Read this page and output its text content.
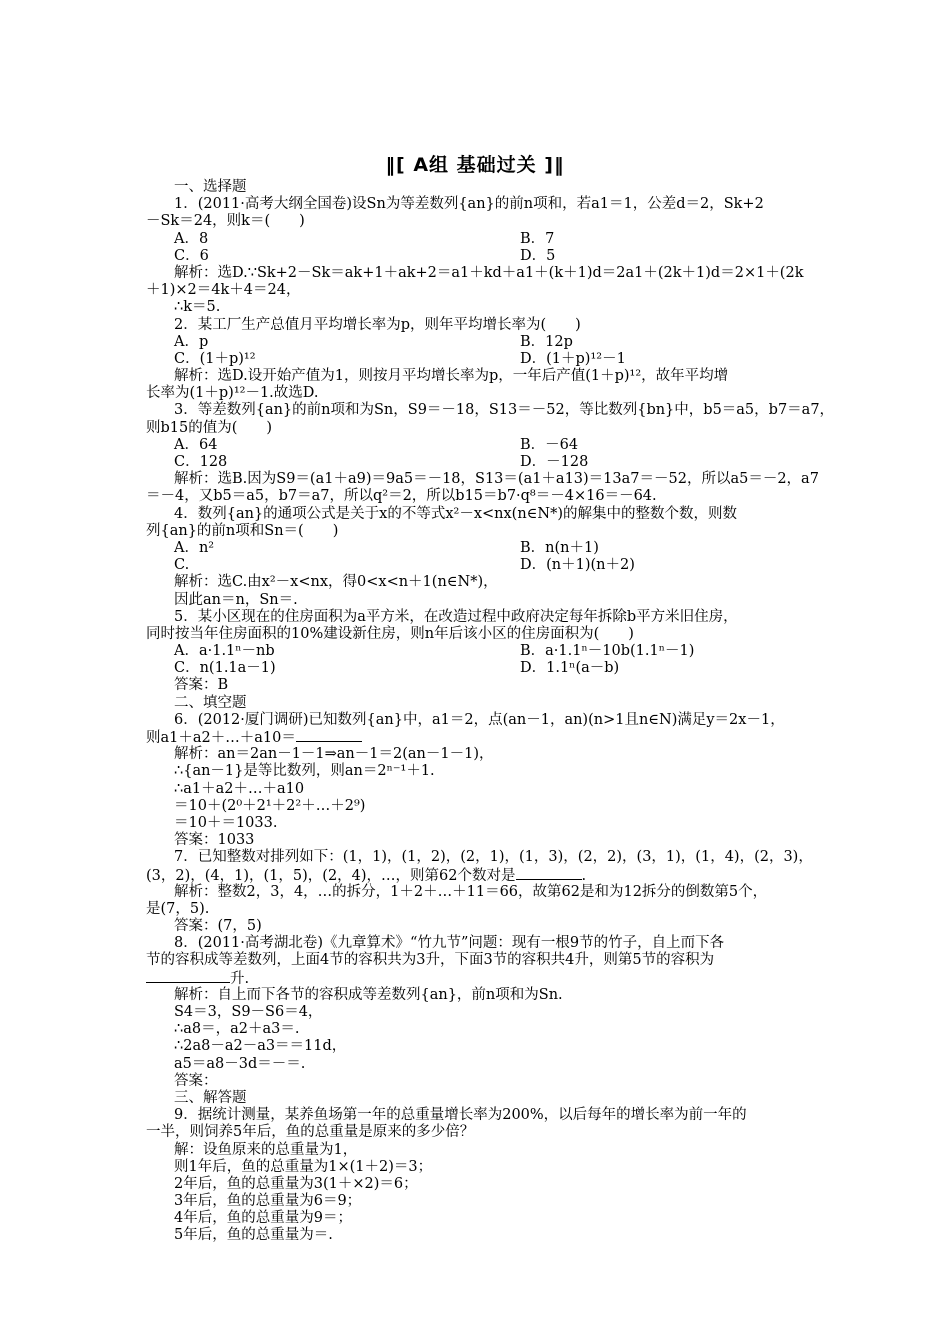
‖[ A组 基础过关 ]‖
一、选择题
1．(2011·高考大纲全国卷)设Sn为等差数列{an}的前n项和，若a1＝1，公差d＝2，Sk+2
－Sk＝24，则k＝(　　)
A．8	B．7
C．6	D．5
解析：选D.∵Sk+2－Sk＝ak+1＋ak+2＝a1＋kd＋a1＋(k＋1)d＝2a1＋(2k＋1)d＝2×1＋(2k
＋1)×2＝4k＋4＝24，
∴k＝5.
2．某工厂生产总值月平均增长率为p，则年平均增长率为(　　)
A．p	B．12p
C．(1＋p)¹²	D．(1＋p)¹²－1
解析：选D.设开始产值为1，则按月平均增长率为p，一年后产值(1＋p)¹²，故年平均增
长率为(1＋p)¹²－1.故选D.
3．等差数列{an}的前n项和为Sn，S9＝－18，S13＝－52，等比数列{bn}中，b5＝a5，b7＝a7，
则b15的值为(　　)
A．64	B．－64
C．128	D．－128
解析：选B.因为S9＝(a1＋a9)＝9a5＝－18，S13＝(a1＋a13)＝13a7＝－52，所以a5＝－2，a7
＝－4，又b5＝a5，b7＝a7，所以q²＝2，所以b15＝b7·q⁸＝－4×16＝－64.
4．数列{an}的通项公式是关于x的不等式x²－x<nx(n∈N*)的解集中的整数个数，则数
列{an}的前n项和Sn＝(　　)
A．n²	B．n(n＋1)
C.	D．(n＋1)(n＋2)
解析：选C.由x²－x<nx，得0<x<n＋1(n∈N*)，
因此an＝n，Sn＝.
5．某小区现在的住房面积为a平方米，在改造过程中政府决定每年拆除b平方米旧住房，
同时按当年住房面积的10%建设新住房，则n年后该小区的住房面积为(　　)
A．a·1.1ⁿ－nb	B．a·1.1ⁿ－10b(1.1ⁿ－1)
C．n(1.1a－1)	D．1.1ⁿ(a－b)
答案：B
二、填空题
6．(2012·厦门调研)已知数列{an}中，a1＝2，点(an－1，an)(n>1且n∈N)满足y＝2x－1，
则a1＋a2＋…＋a10＝
解析：an＝2an－1－1⇒an－1＝2(an－1－1)，
∴{an－1}是等比数列，则an＝2ⁿ⁻¹＋1.
∴a1＋a2＋…＋a10
＝10＋(2⁰＋2¹＋2²＋…＋2⁹)
＝10＋＝1033.
答案：1033
7．已知整数对排列如下：(1，1)，(1，2)，(2，1)，(1，3)，(2，2)，(3，1)，(1，4)，(2，3)，
(3，2)，(4，1)，(1，5)，(2，4)，…，则第62个数对是	.
解析：整数2，3，4，…的拆分，1＋2＋…＋11＝66，故第62是和为12拆分的倒数第5个，
是(7，5).
答案：(7，5)
8．(2011·高考湖北卷)《九章算术》“竹九节”问题：现有一根9节的竹子，自上而下各
节的容积成等差数列，上面4节的容积共为3升，下面3节的容积共4升，则第5节的容积为
升.
解析：自上而下各节的容积成等差数列{an}，前n项和为Sn.
S4＝3，S9－S6＝4，
∴a8＝，a2＋a3＝.
∴2a8－a2－a3＝＝11d，
a5＝a8－3d＝－＝.
答案：
三、解答题
9．据统计测量，某养鱼场第一年的总重量增长率为200%，以后每年的增长率为前一年的
一半，则饲养5年后，鱼的总重量是原来的多少倍？
解：设鱼原来的总重量为1，
则1年后，鱼的总重量为1×(1＋2)＝3；
2年后，鱼的总重量为3(1＋×2)＝6；
3年后，鱼的总重量为6＝9；
4年后，鱼的总重量为9＝；
5年后，鱼的总重量为＝.
